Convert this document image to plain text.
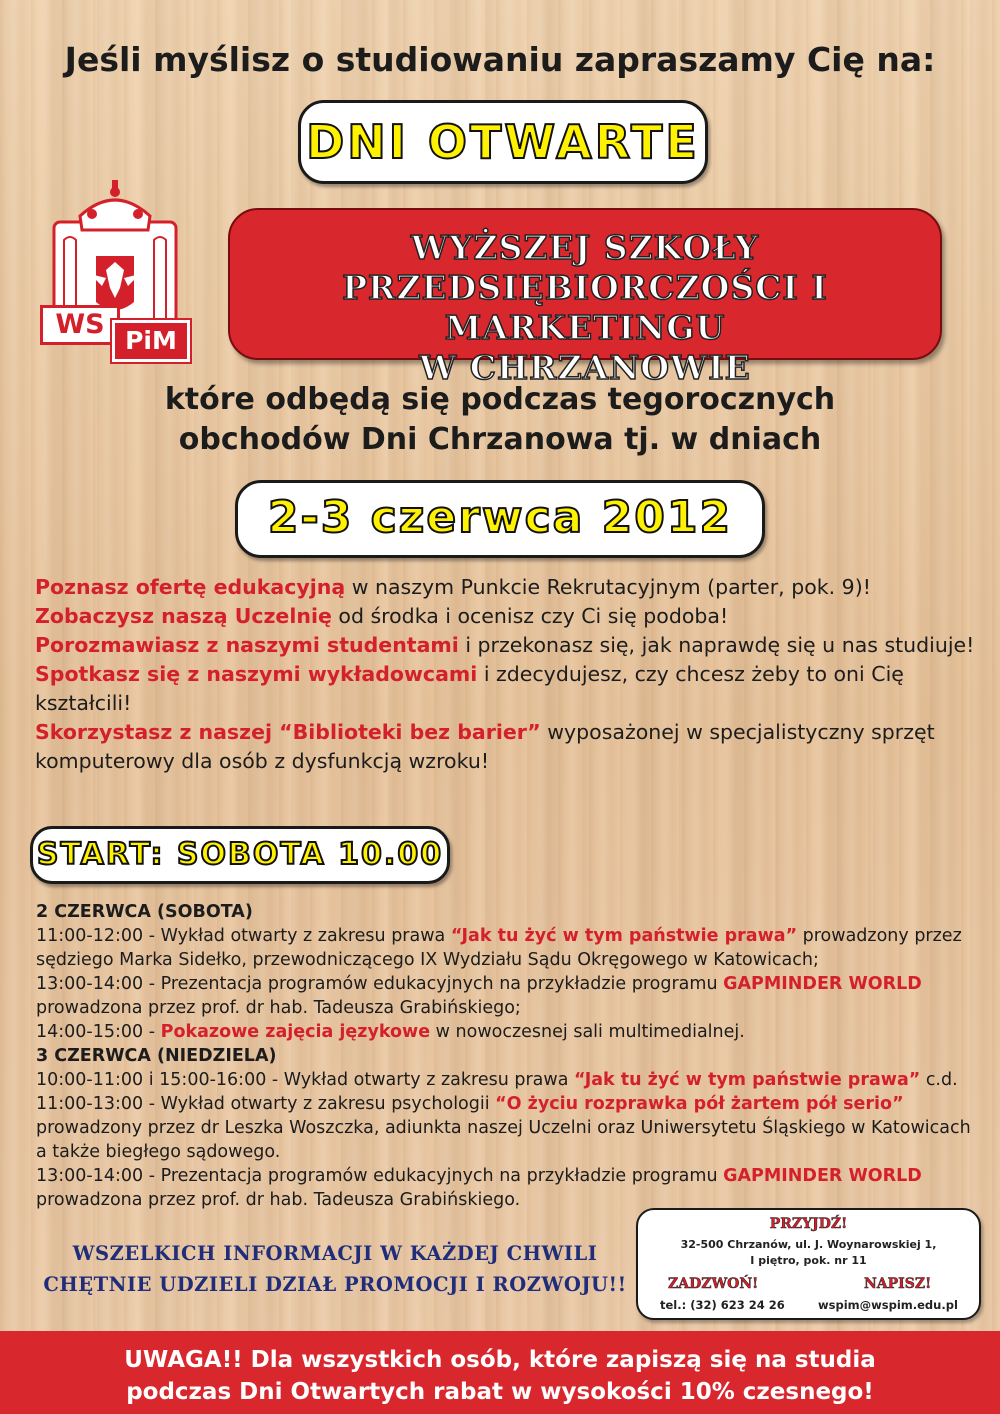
Jeśli myślisz o studiowaniu zapraszamy Cię na:
DNI OTWARTE
WS
PiM
WYŻSZEJ SZKOŁY
PRZEDSIĘBIORCZOŚCI I MARKETINGU
W CHRZANOWIE
które odbędą się podczas tegorocznych
obchodów Dni Chrzanowa tj. w dniach
2-3 czerwca 2012
Poznasz ofertę edukacyjną w naszym Punkcie Rekrutacyjnym (parter, pok. 9)!
Zobaczysz naszą Uczelnię od środka i ocenisz czy Ci się podoba!
Porozmawiasz z naszymi studentami i przekonasz się, jak naprawdę się u nas studiuje!
Spotkasz się z naszymi wykładowcami i zdecydujesz, czy chcesz żeby to oni Cię kształcili!
Skorzystasz z naszej “Biblioteki bez barier” wyposażonej w specjalistyczny sprzęt komputerowy dla osób z dysfunkcją wzroku!
START: SOBOTA 10.00
2 CZERWCA (SOBOTA)
11:00-12:00 - Wykład otwarty z zakresu prawa “Jak tu żyć w tym państwie prawa” prowadzony przez sędziego Marka Sidełko, przewodniczącego IX Wydziału Sądu Okręgowego w Katowicach;
13:00-14:00 - Prezentacja programów edukacyjnych na przykładzie programu GAPMINDER WORLD prowadzona przez prof. dr hab. Tadeusza Grabińskiego;
14:00-15:00 - Pokazowe zajęcia językowe w nowoczesnej sali multimedialnej.
3 CZERWCA (NIEDZIELA)
10:00-11:00 i 15:00-16:00 - Wykład otwarty z zakresu prawa “Jak tu żyć w tym państwie prawa” c.d.
11:00-13:00 - Wykład otwarty z zakresu psychologii “O życiu rozprawka pół żartem pół serio” prowadzony przez dr Leszka Woszczka, adiunkta naszej Uczelni oraz Uniwersytetu Śląskiego w Katowicach a także biegłego sądowego.
13:00-14:00 - Prezentacja programów edukacyjnych na przykładzie programu GAPMINDER WORLD prowadzona przez prof. dr hab. Tadeusza Grabińskiego.
WSZELKICH INFORMACJI W KAŻDEJ CHWILI
CHĘTNIE UDZIELI DZIAŁ PROMOCJI I ROZWOJU!!
PRZYJDŹ!
32-500 Chrzanów, ul. J. Woynarowskiej 1,
I piętro, pok. nr 11
ZADZWOŃ!	NAPISZ!
tel.: (32) 623 24 26	wspim@wspim.edu.pl
UWAGA!! Dla wszystkich osób, które zapiszą się na studia
podczas Dni Otwartych rabat w wysokości 10% czesnego!
